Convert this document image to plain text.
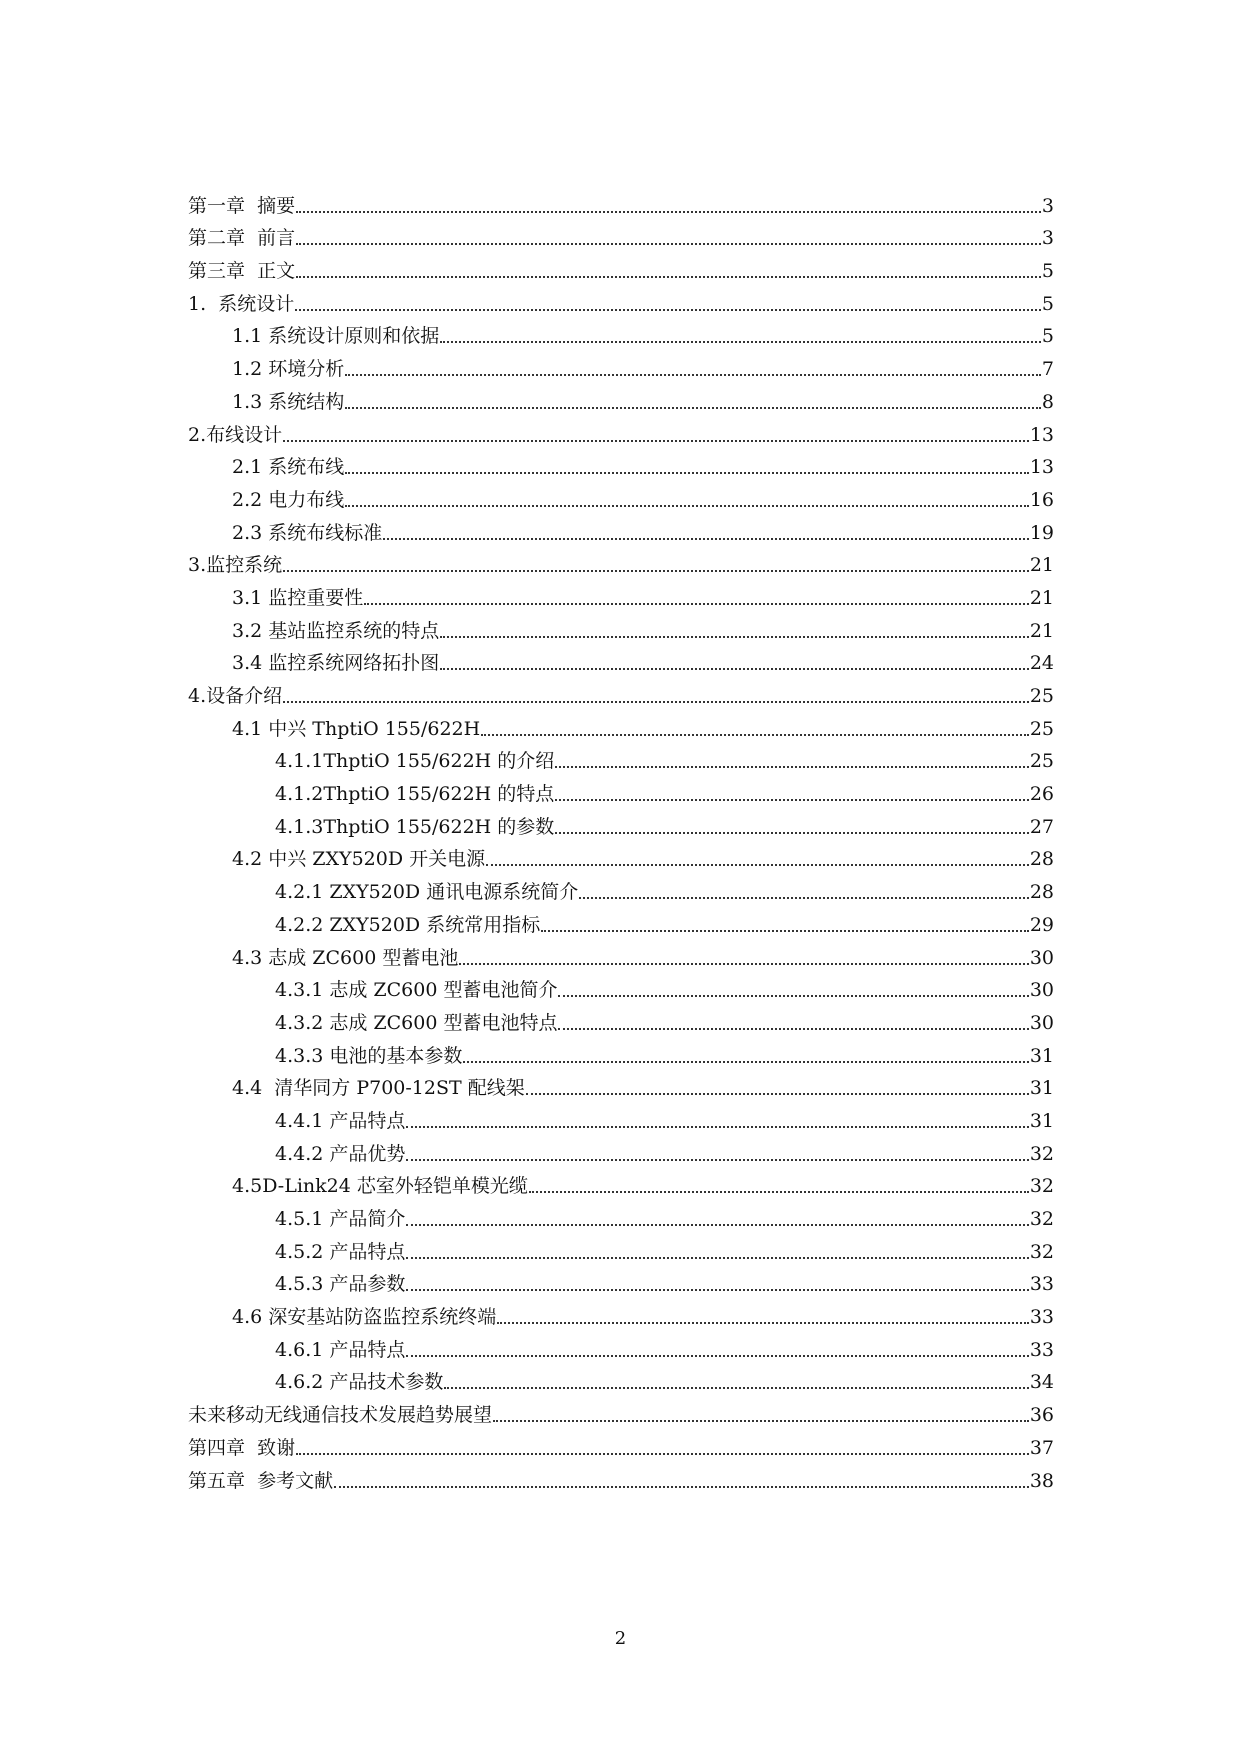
第一章  摘要	3
第二章  前言	3
第三章  正文	5
1.  系统设计	5
1.1 系统设计原则和依据	5
1.2 环境分析	7
1.3 系统结构	8
2.布线设计	13
2.1 系统布线	13
2.2 电力布线	16
2.3 系统布线标准	19
3.监控系统	21
3.1 监控重要性	21
3.2 基站监控系统的特点	21
3.4 监控系统网络拓扑图	24
4.设备介绍	25
4.1 中兴 ThptiO 155/622H	25
4.1.1ThptiO 155/622H 的介绍	25
4.1.2ThptiO 155/622H 的特点	26
4.1.3ThptiO 155/622H 的参数	27
4.2 中兴 ZXY520D 开关电源	28
4.2.1 ZXY520D 通讯电源系统简介	28
4.2.2 ZXY520D 系统常用指标	29
4.3 志成 ZC600 型蓄电池	30
4.3.1 志成 ZC600 型蓄电池简介	30
4.3.2 志成 ZC600 型蓄电池特点	30
4.3.3 电池的基本参数	31
4.4  清华同方 P700-12ST 配线架	31
4.4.1 产品特点	31
4.4.2 产品优势	32
4.5D-Link24 芯室外轻铠单模光缆	32
4.5.1 产品简介	32
4.5.2 产品特点	32
4.5.3 产品参数	33
4.6 深安基站防盗监控系统终端	33
4.6.1 产品特点	33
4.6.2 产品技术参数	34
未来移动无线通信技术发展趋势展望	36
第四章  致谢	37
第五章  参考文献	38
2
